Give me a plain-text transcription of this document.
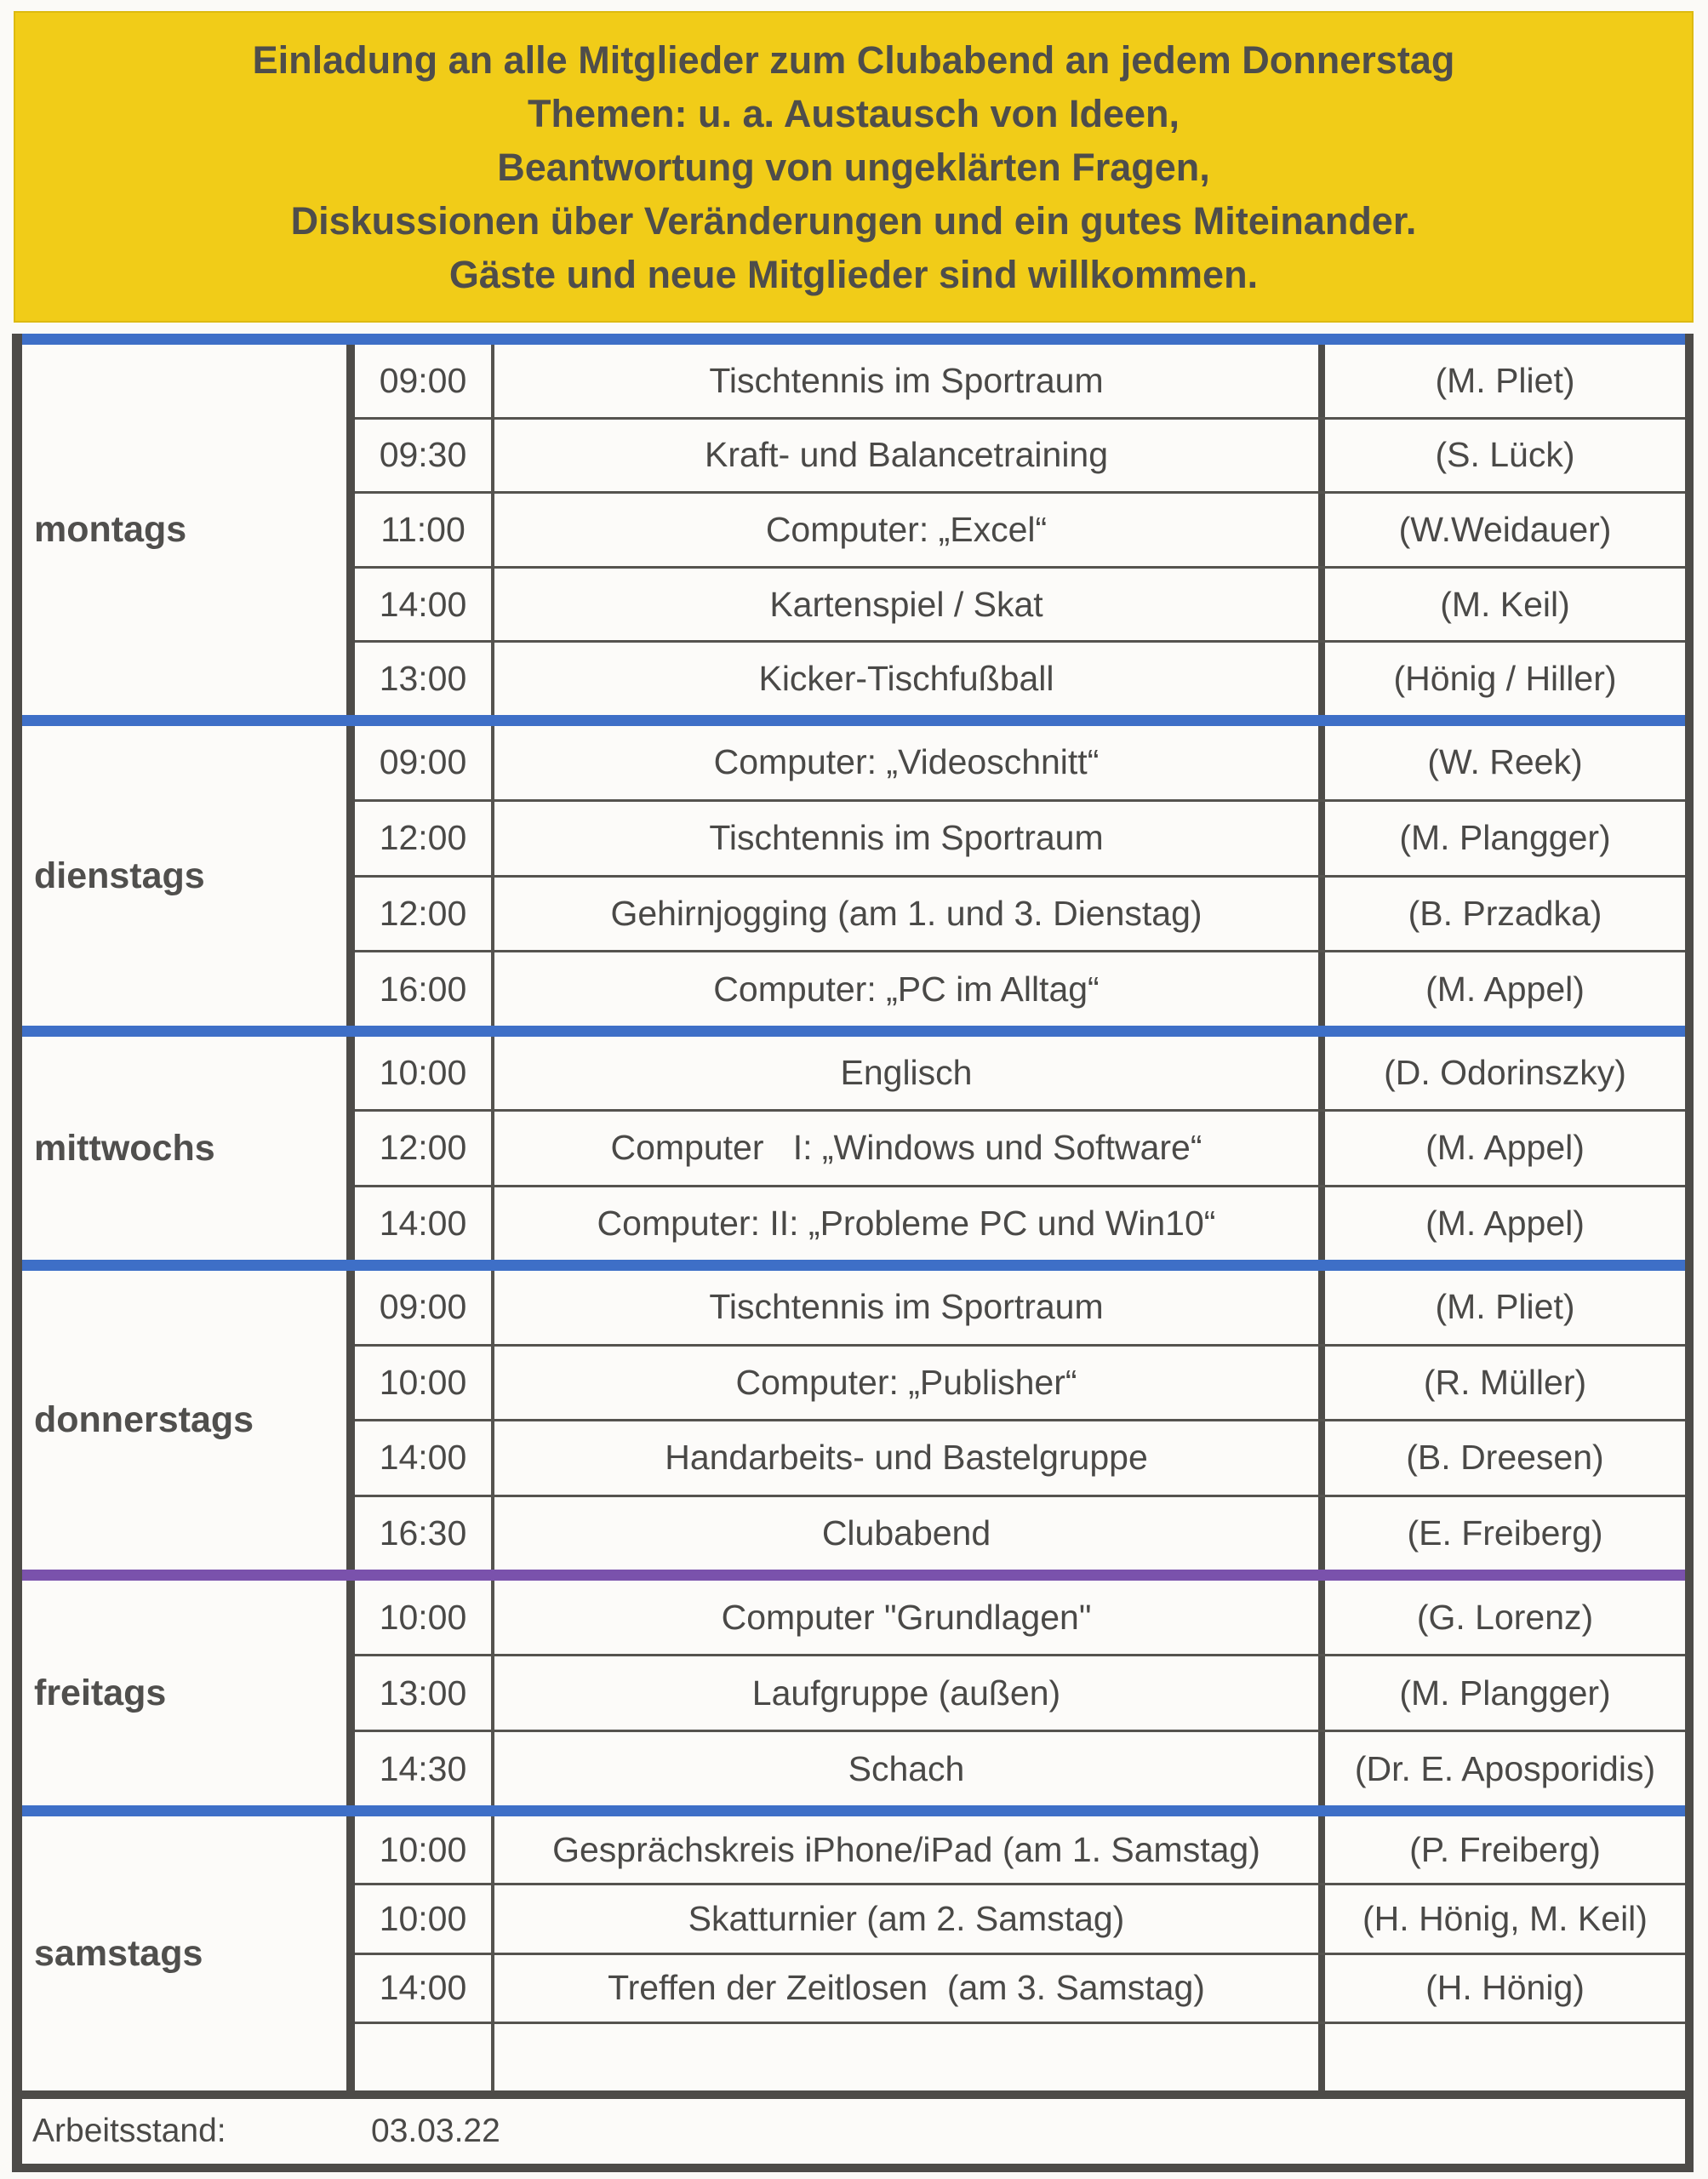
Einladung an alle Mitglieder zum Clubabend an jedem Donnerstag
Themen: u. a. Austausch von Ideen,
Beantwortung von ungeklärten Fragen,
Diskussionen über Veränderungen und ein gutes Miteinander.
Gäste und neue Mitglieder sind willkommen.
montags
09:00	Tischtennis im Sportraum	(M. Pliet)
09:30	Kraft- und Balancetraining	(S. Lück)
11:00	Computer: „Excel“	(W.Weidauer)
14:00	Kartenspiel / Skat	(M. Keil)
13:00	Kicker-Tischfußball	(Hönig / Hiller)
dienstags
09:00	Computer: „Videoschnitt“	(W. Reek)
12:00	Tischtennis im Sportraum	(M. Plangger)
12:00	Gehirnjogging (am 1. und 3. Dienstag)	(B. Przadka)
16:00	Computer: „PC im Alltag“	(M. Appel)
mittwochs
10:00	Englisch	(D. Odorinszky)
12:00	Computer   I: „Windows und Software“	(M. Appel)
14:00	Computer: II: „Probleme PC und Win10“	(M. Appel)
donnerstags
09:00	Tischtennis im Sportraum	(M. Pliet)
10:00	Computer: „Publisher“	(R. Müller)
14:00	Handarbeits- und Bastelgruppe	(B. Dreesen)
16:30	Clubabend	(E. Freiberg)
freitags
10:00	Computer "Grundlagen"	(G. Lorenz)
13:00	Laufgruppe (außen)	(M. Plangger)
14:30	Schach	(Dr. E. Aposporidis)
samstags
10:00	Gesprächskreis iPhone/iPad (am 1. Samstag)	(P. Freiberg)
10:00	Skatturnier (am 2. Samstag)	(H. Hönig, M. Keil)
14:00	Treffen der Zeitlosen  (am 3. Samstag)	(H. Hönig)
Arbeitsstand:	03.03.22
